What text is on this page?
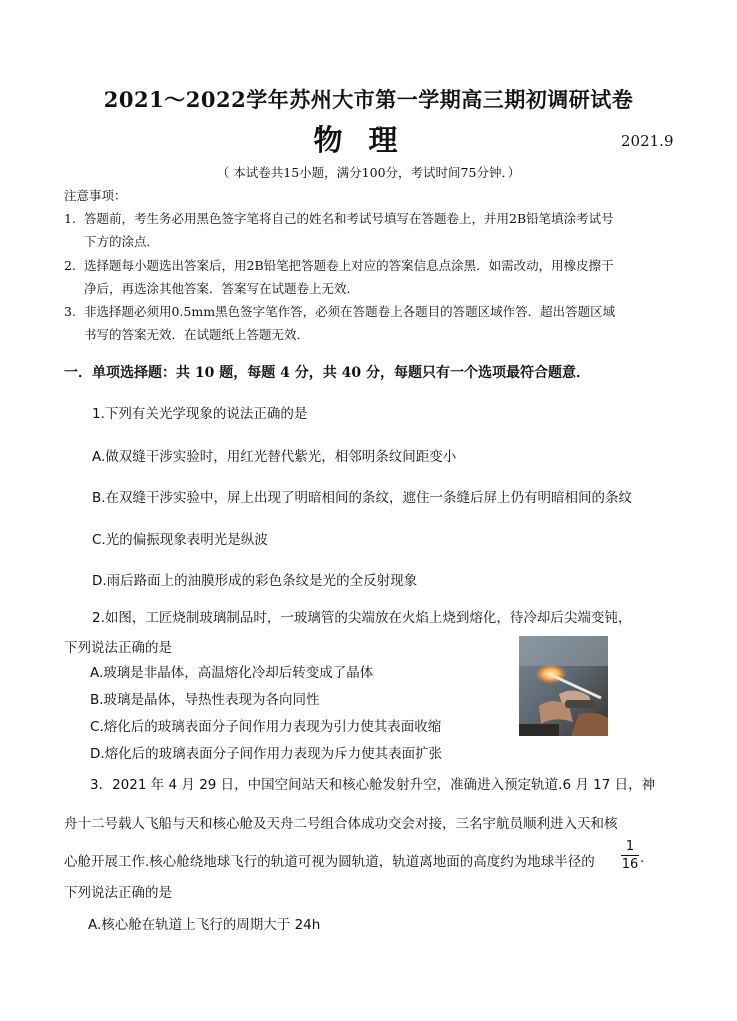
2021～2022学年苏州大市第一学期高三期初调研试卷
物理	2021.9
（ 本试卷共15小题，满分100分，考试时间75分钟．）
注意事项：
1. 答题前，考生务必用黑色签字笔将自己的姓名和考试号填写在答题卷上，并用2B铅笔填涂考试号
下方的涂点．
2. 选择题每小题选出答案后，用2B铅笔把答题卷上对应的答案信息点涂黑．如需改动，用橡皮擦干
净后，再选涂其他答案．答案写在试题卷上无效．
3. 非选择题必须用0.5mm黑色签字笔作答，必须在答题卷上各题目的答题区域作答．超出答题区域
书写的答案无效．在试题纸上答题无效．
一．单项选择题：共 10 题，每题 4 分，共 40 分，每题只有一个选项最符合题意．
1.下列有关光学现象的说法正确的是
A.做双缝干涉实验时，用红光替代紫光，相邻明条纹间距变小
B.在双缝干涉实验中，屏上出现了明暗相间的条纹，遮住一条缝后屏上仍有明暗相间的条纹
C.光的偏振现象表明光是纵波
D.雨后路面上的油膜形成的彩色条纹是光的全反射现象
2.如图，工匠烧制玻璃制品时，一玻璃管的尖端放在火焰上烧到熔化，待冷却后尖端变钝，
下列说法正确的是
A.玻璃是非晶体，高温熔化冷却后转变成了晶体
B.玻璃是晶体，导热性表现为各向同性
C.熔化后的玻璃表面分子间作用力表现为引力使其表面收缩
D.熔化后的玻璃表面分子间作用力表现为斥力使其表面扩张
3．2021 年 4 月 29 日，中国空间站天和核心舱发射升空，准确进入预定轨道.6 月 17 日，神
舟十二号载人飞船与天和核心舱及天舟二号组合体成功交会对接，三名宇航员顺利进入天和核
心舱开展工作.核心舱绕地球飞行的轨道可视为圆轨道，轨道离地面的高度约为地球半径的
1
16 .
下列说法正确的是
A.核心舱在轨道上飞行的周期大于 24h
